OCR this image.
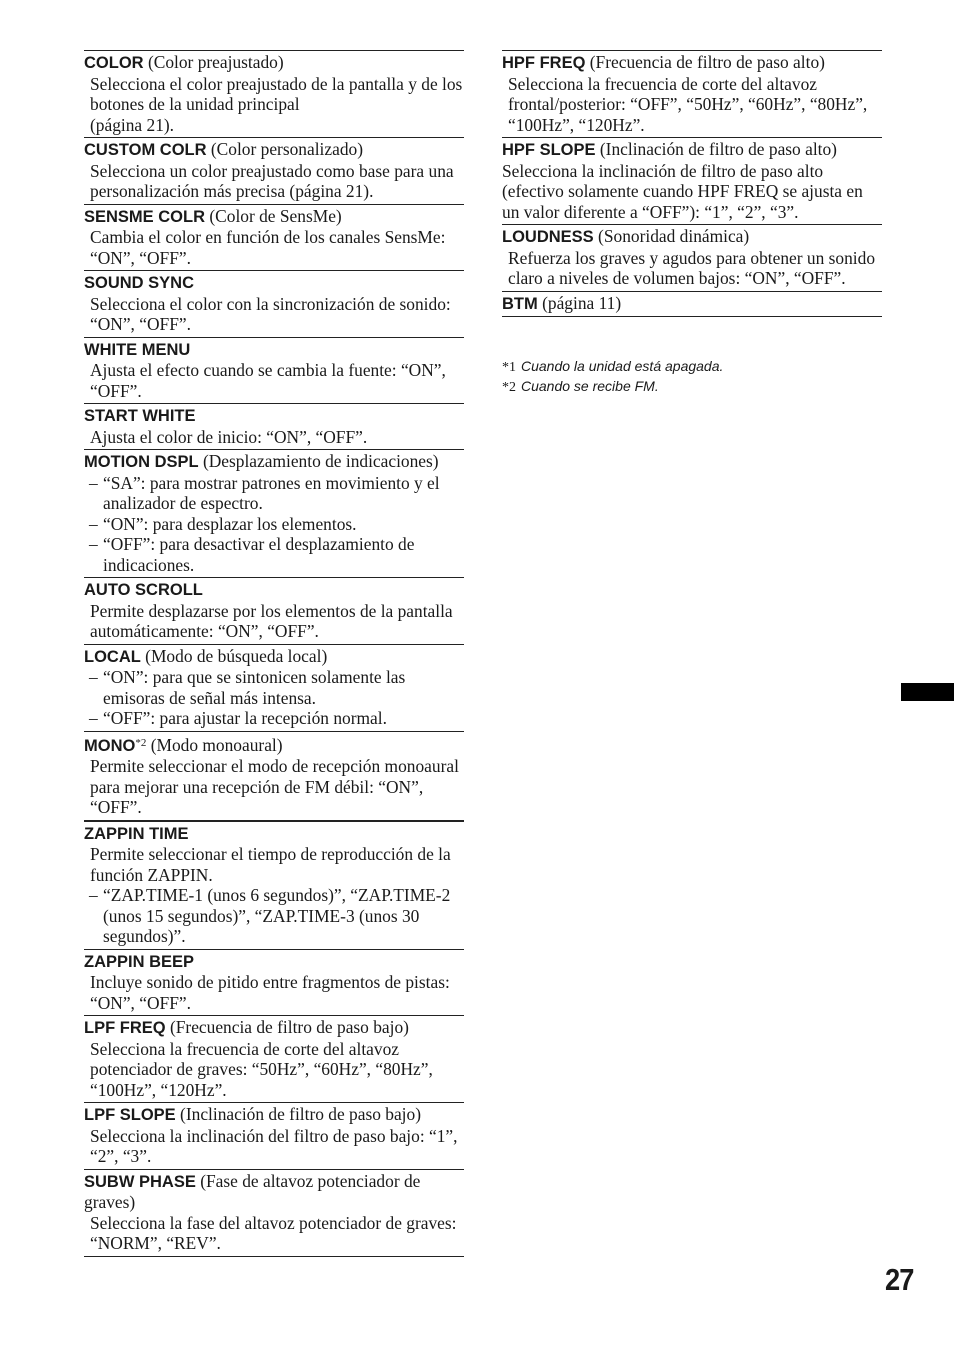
COLOR (Color preajustado)
Selecciona el color preajustado de la pantalla y de los botones de la unidad principal
(página 21).
CUSTOM COLR (Color personalizado)
Selecciona un color preajustado como base para una personalización más precisa (página 21).
SENSME COLR (Color de SensMe)
Cambia el color en función de los canales SensMe: “ON”, “OFF”.
SOUND SYNC
Selecciona el color con la sincronización de sonido: “ON”, “OFF”.
WHITE MENU
Ajusta el efecto cuando se cambia la fuente: “ON”, “OFF”.
START WHITE
Ajusta el color de inicio: “ON”, “OFF”.
MOTION DSPL (Desplazamiento de indicaciones)
– “SA”: para mostrar patrones en movimiento y el analizador de espectro.
– “ON”: para desplazar los elementos.
– “OFF”: para desactivar el desplazamiento de indicaciones.
AUTO SCROLL
Permite desplazarse por los elementos de la pantalla automáticamente: “ON”, “OFF”.
LOCAL (Modo de búsqueda local)
– “ON”: para que se sintonicen solamente las emisoras de señal más intensa.
– “OFF”: para ajustar la recepción normal.
MONO$^{*2}$ (Modo monoaural)
Permite seleccionar el modo de recepción monoaural para mejorar una recepción de FM débil: “ON”, “OFF”.
ZAPPIN TIME
Permite seleccionar el tiempo de reproducción de la función ZAPPIN.
– “ZAP.TIME-1 (unos 6 segundos)”, “ZAP.TIME-2 (unos 15 segundos)”, “ZAP.TIME-3 (unos 30 segundos)”.
ZAPPIN BEEP
Incluye sonido de pitido entre fragmentos de pistas: “ON”, “OFF”.
LPF FREQ (Frecuencia de filtro de paso bajo)
Selecciona la frecuencia de corte del altavoz potenciador de graves: “50Hz”, “60Hz”, “80Hz”, “100Hz”, “120Hz”.
LPF SLOPE (Inclinación de filtro de paso bajo)
Selecciona la inclinación del filtro de paso bajo: “1”, “2”, “3”.
SUBW PHASE (Fase de altavoz potenciador de graves)
Selecciona la fase del altavoz potenciador de graves: “NORM”, “REV”.
HPF FREQ (Frecuencia de filtro de paso alto)
Selecciona la frecuencia de corte del altavoz frontal/posterior: “OFF”, “50Hz”, “60Hz”, “80Hz”, “100Hz”, “120Hz”.
HPF SLOPE (Inclinación de filtro de paso alto)
Selecciona la inclinación de filtro de paso alto (efectivo solamente cuando HPF FREQ se ajusta en un valor diferente a “OFF”): “1”, “2”, “3”.
LOUDNESS (Sonoridad dinámica)
Refuerza los graves y agudos para obtener un sonido claro a niveles de volumen bajos: “ON”, “OFF”.
BTM (página 11)
*1 Cuando la unidad está apagada.
*2 Cuando se recibe FM.
27
